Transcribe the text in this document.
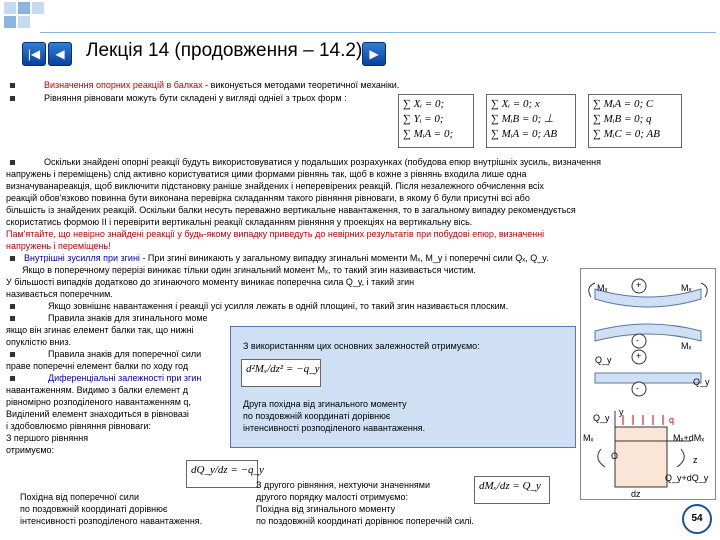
|◀	◀	Лекція 14 (продовження – 14.2) ▶
Визначення опорних реакцій в балках - виконується методами теоретичної механіки.
Рівняння рівноваги можуть бути складені у вигляді одніеї з трьох форм :	∑ Xᵢ = 0;
∑ Yᵢ = 0;
∑ MᵢA = 0;
∑ Xᵢ = 0; x
∑ MᵢB = 0; ⊥
∑ MᵢA = 0; AB
∑ MᵢA = 0; C
∑ MᵢB = 0; q
∑ MᵢC = 0; AB
Оскільки знайдені опорні реакції будуть використовуватися у подальших розрахунках (побудова епюр внутрішніх зусиль, визначення
напружень і переміщень) слід активно користуватися цими формами рівнянь так, щоб в кожне з рівнянь входила лише одна
визначуванареакція, щоб виключити підстановку раніше знайдених і неперевірених реакцій. Після незалежного обчислення всіх
реакцій обов'язково повинна бути виконана перевірка складанням такого рівняння рівноваги, в якому б були присутні всі або
більшість із знайдених реакцій. Оскільки балки несуть переважно вертикальне навантаження, то в загальному випадку рекомендується
скористатись формою ІІ і перевірити вертикальні реакції складанням рівняння у проекціях на вертикальну вісь.
Пам'ятайте, що невірно знайдені реакції у будь-якому випадку приведуть до невірних результатів при побудові епюр, визначенні
напружень і переміщень!
Внутрішні зусилля при згині - При згині виникають у загальному випадку згинальні моменти Mₓ, M_y і поперечні сили Qₓ, Q_y.
Якщо в поперечному перерізі виникає тільки один згинальний момент Mₓ, то такий згин називається чистим.
У більшості випадків додатково до згинаючого моменту виникає поперечна сила Q_y, і такий згин
називається поперечним.
Якщо зовнішнє навантаження і реакції усі усилля лежать в одній площині, то такий згин називається плоским.
Правила знаків для згинального моме
якщо він згинає елемент балки так, що нижні
опуклістю вниз.
Правила знаків для поперечної сили
праве поперечні елемент балки по ходу год
Диференціальні залежності при згин
навантаженням. Видимо з балки елемент д
рівномірно розподіленого навантаженням q,
Виділений елемент знаходиться в рівновазі
і здобовлюємо рівняння рівноваги:
З першого рівняння
отримуємо:
dQ_y/dz = −q_y
Похідна від поперечної сили
по поздовжній координаті дорівнює
інтенсивності розподіленого навантаження.
З другого рівняння, нехтуючи значеннями
другого порядку малості отримуємо:
Похідна від згинального моменту
по поздовжній координаті дорівнює поперечній силі.
dMₓ/dz = Q_y
З використанням цих основних залежностей отримуємо:
d²Mₓ/dz² = −q_y
Друга похідна від згинального моменту
по поздовжній координаті дорівнює
інтенсивності розподіленого навантаження.
Mₓ	+	Mₓ
-
Mₓ
Q_y	+
Q_y
-
Q_y
y
q
Mₓ	Mₓ+dMₓ
O	z
Q_y+dQ_y
dz
54
